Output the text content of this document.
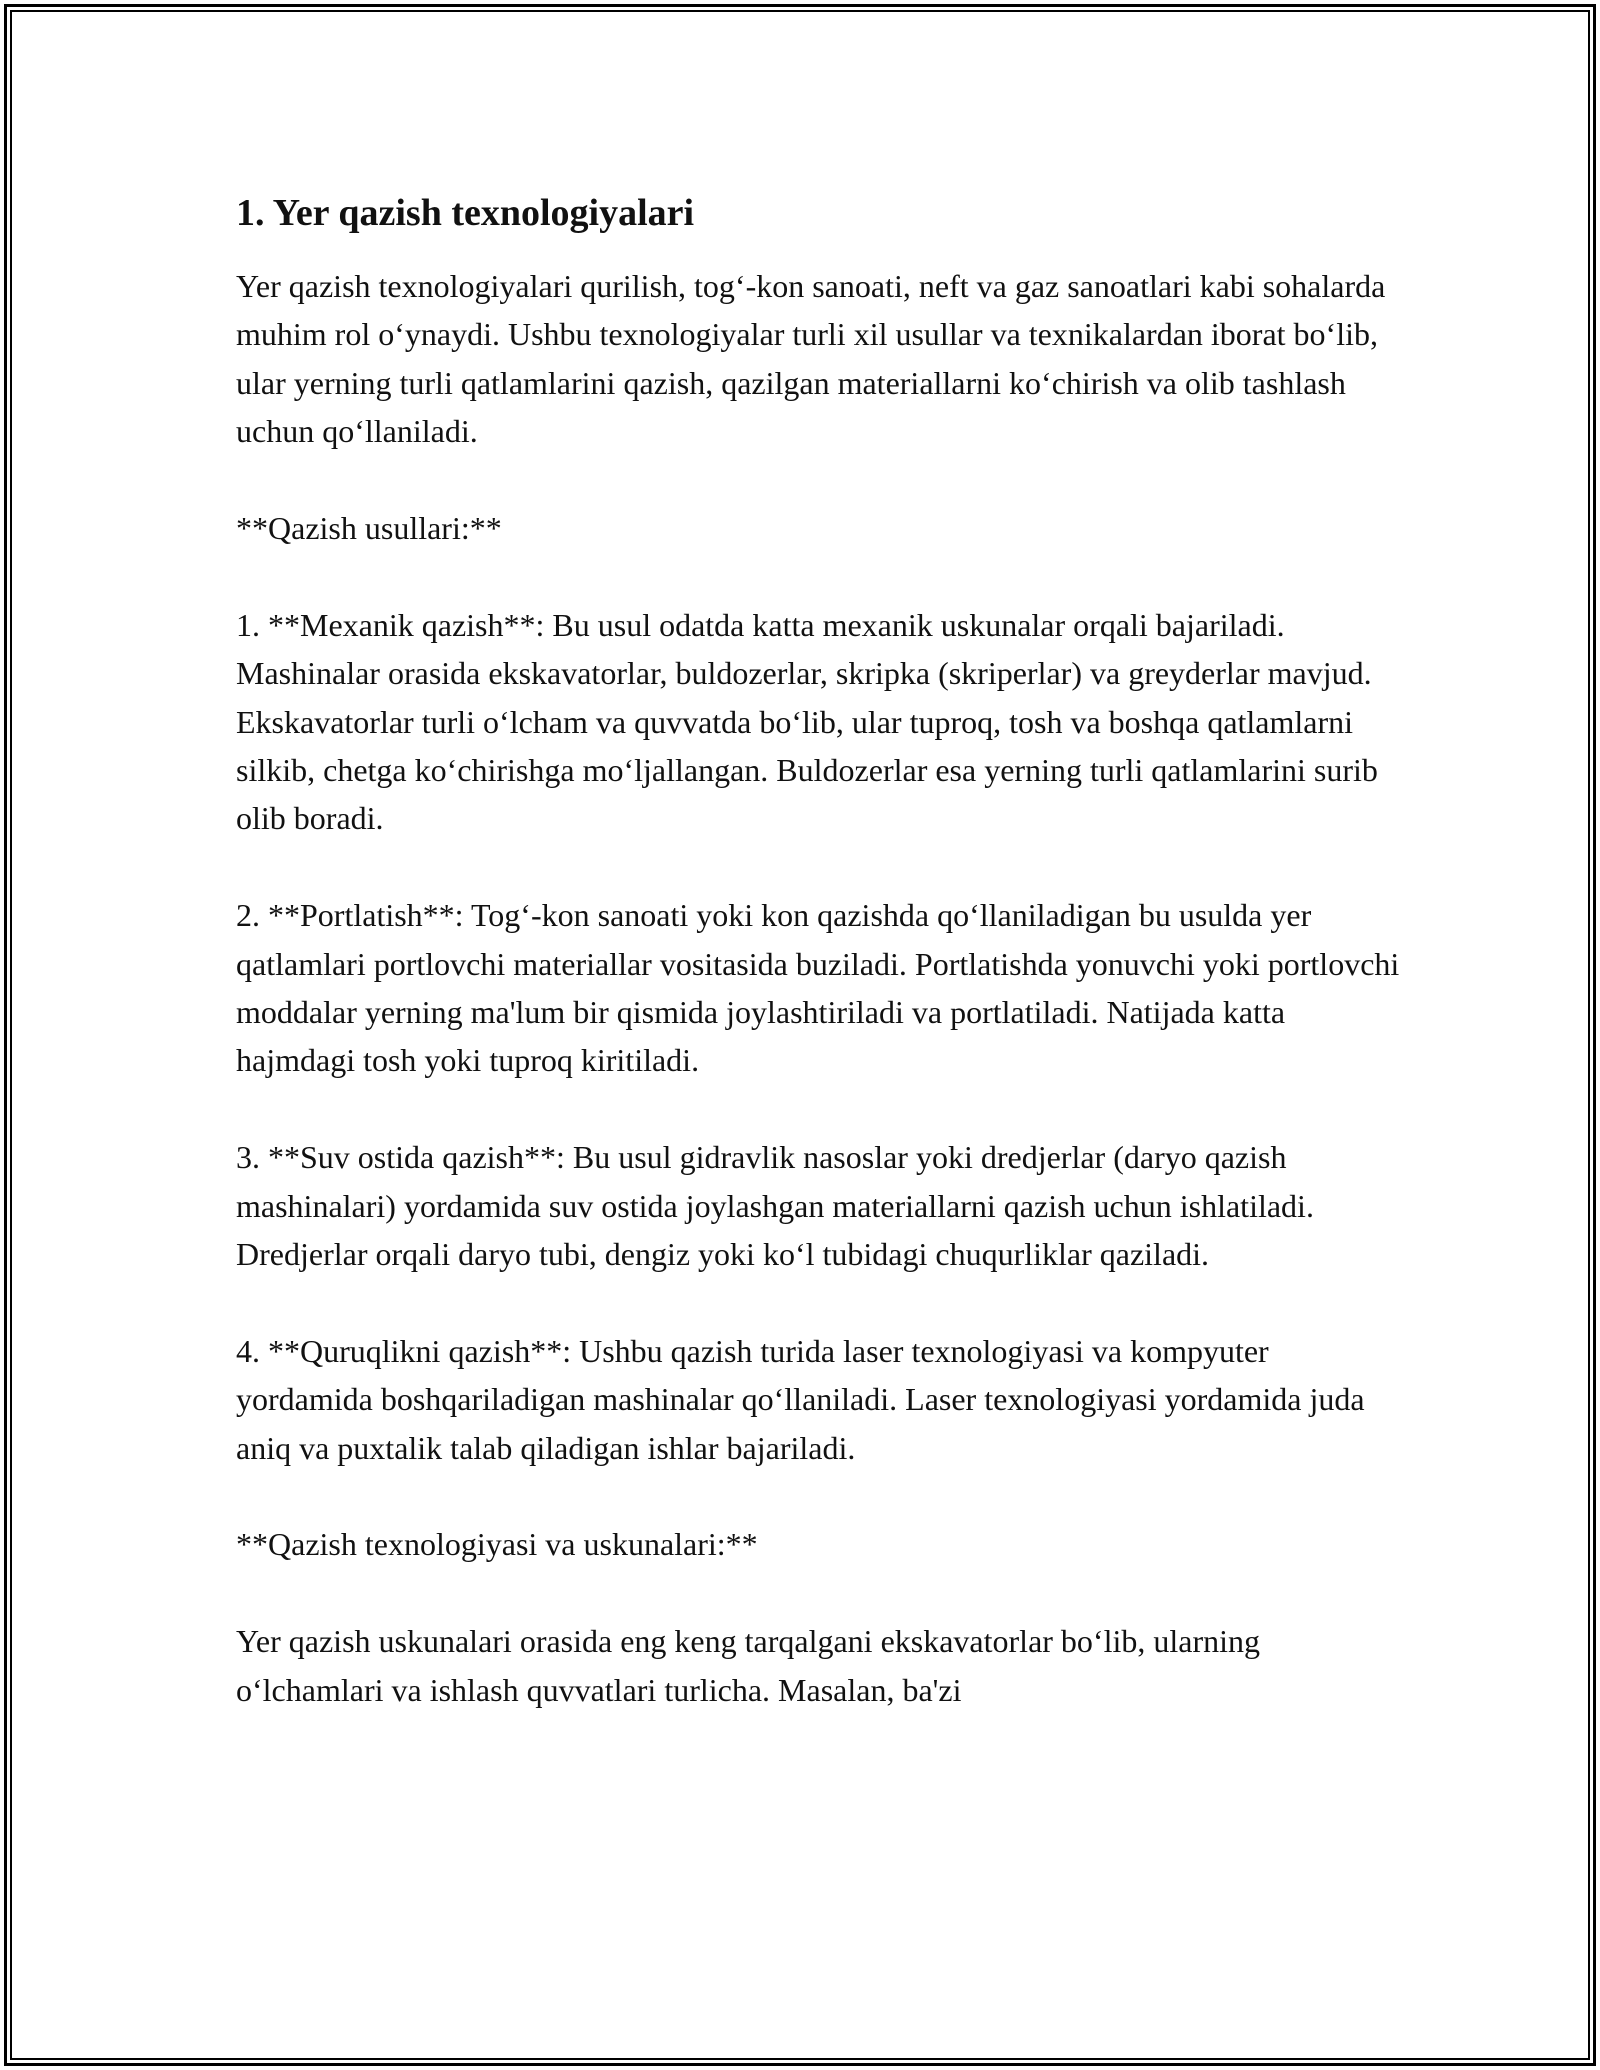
1. Yer qazish texnologiyalari

Yer qazish texnologiyalari qurilish, tog‘-kon sanoati, neft va gaz sanoatlari kabi sohalarda muhim rol o‘ynaydi. Ushbu texnologiyalar turli xil usullar va texnikalardan iborat bo‘lib, ular yerning turli qatlamlarini qazish, qazilgan materiallarni ko‘chirish va olib tashlash uchun qo‘llaniladi.

**Qazish usullari:**

1. **Mexanik qazish**: Bu usul odatda katta mexanik uskunalar orqali bajariladi. Mashinalar orasida ekskavatorlar, buldozerlar, skripka (skriperlar) va greyderlar mavjud. Ekskavatorlar turli o‘lcham va quvvatda bo‘lib, ular tuproq, tosh va boshqa qatlamlarni silkib, chetga ko‘chirishga mo‘ljallangan. Buldozerlar esa yerning turli qatlamlarini surib olib boradi.

2. **Portlatish**: Tog‘-kon sanoati yoki kon qazishda qo‘llaniladigan bu usulda yer qatlamlari portlovchi materiallar vositasida buziladi. Portlatishda yonuvchi yoki portlovchi moddalar yerning ma'lum bir qismida joylashtiriladi va portlatiladi. Natijada katta hajmdagi tosh yoki tuproq kiritiladi.

3. **Suv ostida qazish**: Bu usul gidravlik nasoslar yoki dredjerlar (daryo qazish mashinalari) yordamida suv ostida joylashgan materiallarni qazish uchun ishlatiladi. Dredjerlar orqali daryo tubi, dengiz yoki ko‘l tubidagi chuqurliklar qaziladi.

4. **Quruqlikni qazish**: Ushbu qazish turida laser texnologiyasi va kompyuter yordamida boshqariladigan mashinalar qo‘llaniladi. Laser texnologiyasi yordamida juda aniq va puxtalik talab qiladigan ishlar bajariladi.

**Qazish texnologiyasi va uskunalari:**

Yer qazish uskunalari orasida eng keng tarqalgani ekskavatorlar bo‘lib, ularning o‘lchamlari va ishlash quvvatlari turlicha. Masalan, ba'zi
